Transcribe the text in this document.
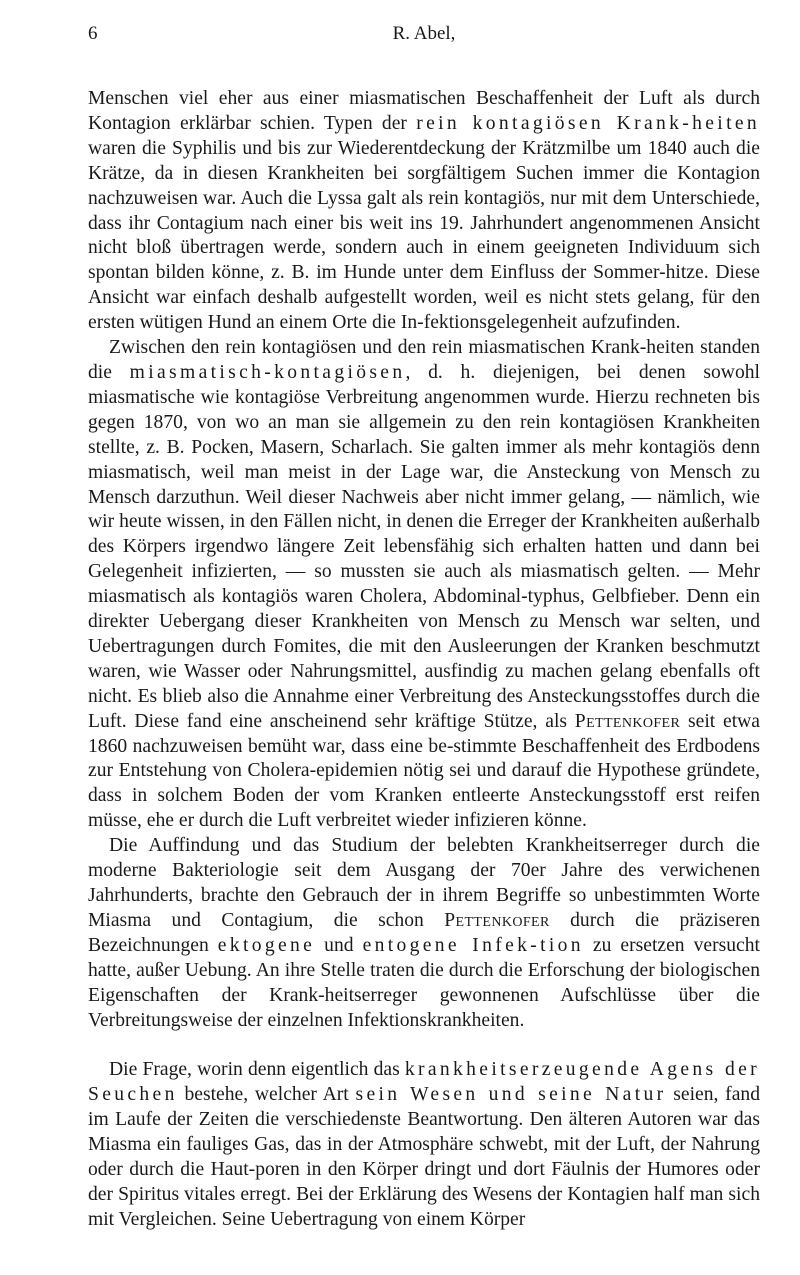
6	R. Abel,

Menschen viel eher aus einer miasmatischen Beschaffenheit der Luft als durch Kontagion erklärbar schien. Typen der rein kontagiösen Krank-heiten waren die Syphilis und bis zur Wiederentdeckung der Krätzmilbe um 1840 auch die Krätze, da in diesen Krankheiten bei sorgfältigem Suchen immer die Kontagion nachzuweisen war. Auch die Lyssa galt als rein kontagiös, nur mit dem Unterschiede, dass ihr Contagium nach einer bis weit ins 19. Jahrhundert angenommenen Ansicht nicht bloß übertragen werde, sondern auch in einem geeigneten Individuum sich spontan bilden könne, z. B. im Hunde unter dem Einfluss der Sommer-hitze. Diese Ansicht war einfach deshalb aufgestellt worden, weil es nicht stets gelang, für den ersten wütigen Hund an einem Orte die In-fektionsgelegenheit aufzufinden.

Zwischen den rein kontagiösen und den rein miasmatischen Krank-heiten standen die miasmatisch-kontagiösen, d. h. diejenigen, bei denen sowohl miasmatische wie kontagiöse Verbreitung angenommen wurde. Hierzu rechneten bis gegen 1870, von wo an man sie allgemein zu den rein kontagiösen Krankheiten stellte, z. B. Pocken, Masern, Scharlach. Sie galten immer als mehr kontagiös denn miasmatisch, weil man meist in der Lage war, die Ansteckung von Mensch zu Mensch darzuthun. Weil dieser Nachweis aber nicht immer gelang, — nämlich, wie wir heute wissen, in den Fällen nicht, in denen die Erreger der Krankheiten außerhalb des Körpers irgendwo längere Zeit lebensfähig sich erhalten hatten und dann bei Gelegenheit infizierten, — so mussten sie auch als miasmatisch gelten. — Mehr miasmatisch als kontagiös waren Cholera, Abdominal-typhus, Gelbfieber. Denn ein direkter Uebergang dieser Krankheiten von Mensch zu Mensch war selten, und Uebertragungen durch Fomites, die mit den Ausleerungen der Kranken beschmutzt waren, wie Wasser oder Nahrungsmittel, ausfindig zu machen gelang ebenfalls oft nicht. Es blieb also die Annahme einer Verbreitung des Ansteckungsstoffes durch die Luft. Diese fand eine anscheinend sehr kräftige Stütze, als Pettenkofer seit etwa 1860 nachzuweisen bemüht war, dass eine be-stimmte Beschaffenheit des Erdbodens zur Entstehung von Cholera-epidemien nötig sei und darauf die Hypothese gründete, dass in solchem Boden der vom Kranken entleerte Ansteckungsstoff erst reifen müsse, ehe er durch die Luft verbreitet wieder infizieren könne.

Die Auffindung und das Studium der belebten Krankheitserreger durch die moderne Bakteriologie seit dem Ausgang der 70er Jahre des verwichenen Jahrhunderts, brachte den Gebrauch der in ihrem Begriffe so unbestimmten Worte Miasma und Contagium, die schon Pettenkofer durch die präziseren Bezeichnungen ektogene und entogene Infek-tion zu ersetzen versucht hatte, außer Uebung. An ihre Stelle traten die durch die Erforschung der biologischen Eigenschaften der Krank-heitserreger gewonnenen Aufschlüsse über die Verbreitungsweise der einzelnen Infektionskrankheiten.

Die Frage, worin denn eigentlich das krankheitserzeugende Agens der Seuchen bestehe, welcher Art sein Wesen und seine Natur seien, fand im Laufe der Zeiten die verschiedenste Beantwortung. Den älteren Autoren war das Miasma ein fauliges Gas, das in der Atmosphäre schwebt, mit der Luft, der Nahrung oder durch die Haut-poren in den Körper dringt und dort Fäulnis der Humores oder der Spiritus vitales erregt. Bei der Erklärung des Wesens der Kontagien half man sich mit Vergleichen. Seine Uebertragung von einem Körper
